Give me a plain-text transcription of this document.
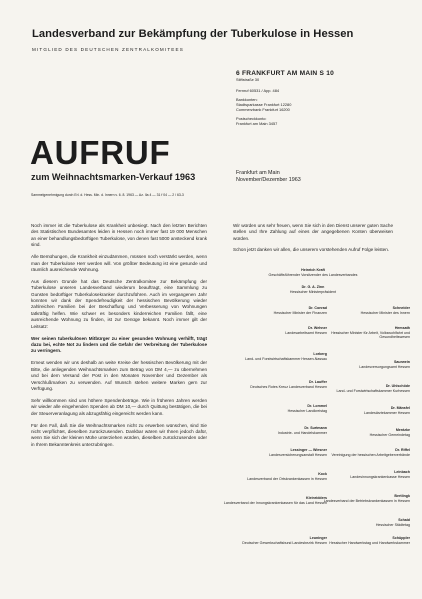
Landesverband zur Bekämpfung der Tuberkulose in Hessen
MITGLIED DES DEUTSCHEN ZENTRALKOMITEES
6 FRANKFURT AM MAIN S 10
Stiftstraße 30
Fernruf 60531 / App. 484
Bankkonten:
Stadtsparkasse Frankfurt 12280
Commerzbank Frankfurt 16200
Postscheckkonto:
Frankfurt am Main 3457
AUFRUF
zum Weihnachtsmarken-Verkauf 1963
Sammelgenehmigung durch Erl. d. Hess. Min. d. Innern v. 6. 8. 1963 — Az. IIa 4 — 31 f 04 — 2 / 63-3
Frankfurt am Main
November/Dezember 1963

Noch immer ist die Tuberkulose als Krankheit unbesiegt. Nach den letzten Berichten des Statistischen Bundesamtes leiden in Hessen noch immer fast 19 000 Menschen an einer behandlungsbedürftigen Tuberkulose, von denen fast 5000 ansteckend krank sind.

Alle Bemühungen, die Krankheit einzudämmen, müssen noch verstärkt werden, wenn man der Tuberkulose Herr werden will. Von größter Bedeutung ist eine gesunde und räumlich ausreichende Wohnung.

Aus diesem Grunde hat das Deutsche Zentralkomitee zur Bekämpfung der Tuberkulose unseren Landesverband wiederum beauftragt, eine Sammlung zu Gunsten bedürftiger Tuberkulosekranker durchzuführen. Auch im vergangenen Jahr konnten wir dank der Spendefreudigkeit der hessischen Bevölkerung wieder zahlreichen Familien bei der Beschaffung und Verbesserung von Wohnungen tatkräftig helfen. Wie schwer es besonders kinderreichen Familien fällt, eine ausreichende Wohnung zu finden, ist zur Genüge bekannt. Noch immer gilt der Leitsatz:

Wer seinen tuberkulösen Mitbürger zu einer gesunden Wohnung verhilft, trägt dazu bei, echte Not zu lindern und die Gefahr der Verbreitung der Tuberkulose zu verringern.

Erneut wenden wir uns deshalb an weite Kreise der hessischen Bevölkerung mit der Bitte, die anliegenden Weihnachtsmarken zum Betrag von DM 4,— zu übernehmen und bei dem Versand der Post in den Monaten November und Dezember als Verschlußmarken zu verwenden. Auf Wunsch stehen weitere Marken gern zur Verfügung.

Sehr willkommen sind uns höhere Spendenbeträge. Wie in früheren Jahren werden wir wieder alle eingehenden Spenden ab DM 10,— durch Quittung bestätigen, die bei der Steuerveranlagung als abzugsfähig eingereicht werden kann.

Für den Fall, daß Sie die Weihnachtsmarken nicht zu erwerben wünschen, sind Sie nicht verpflichtet, dieselben zurückzusenden. Dankbar wären wir Ihnen jedoch dafür, wenn Sie sich der kleinen Mühe unterziehen würden, dieselben zurückzusenden oder in Ihrem Bekanntenkreis unterzubringen.

Wir würden uns sehr freuen, wenn Sie sich in den Dienst unserer guten Sache stellen und Ihre Zahlung auf eines der angegebenen Konten überweisen würden.

Schon jetzt danken wir allen, die unserem vorstehenden Aufruf Folge leisten.

Heinrich Kraft
Geschäftsführender Vorsitzender des Landesverbandes
Dr. G. A. Zinn
Hessischer Ministerpräsident
Dr. Conrad
Hessischer Minister der Finanzen
Schneider
Hessischer Minister des Innern
Dr. Wehner
Landesarbeitsamt Hessen
Hemsath
Hessischer Minister für Arbeit, Volkswohlfahrt und Gesundheitswesen
Lorberg
Land- und Forstwirtschaftskammer Hessen-Nassau
Saurwein
Landesversorgungsamt Hessen
Dr. Lauffer
Deutsches Rotes Kreuz Landesverband Hessen	Dr. Uhlschöde
Land- und Forstwirtschaftskammer Kurhessen
Dr. Lommel
Hessischer Landkreistag
Dr. Mänsfel
Landesärztekammer Hessen
Dr. Surtmann
Industrie- und Handelskammer
Mentzke
Hessischer Gemeindetag
Lessinger — Wiesner
Landesversicherungsanstalt Hessen
Dr. Riffel
Vereinigung der hessischen Arbeitgeberverbände
Kock
Landesverband der Ortskrankenkassen in Hessen
Leinbach
Landesinnungskrankenkasse Hessen
Kleinridders
Landesverband der Innungskrankenkassen für das Land Hessen
Bertlingk
Landesverband der Betriebskrankenkassen in Hessen
Schaid
Hessischer Städtetag
Leuninger
Deutscher Gewerkschaftsbund Landesbezirk Hessen
Schüppler
Hessischer Handwerkstag und Handwerkskammer
